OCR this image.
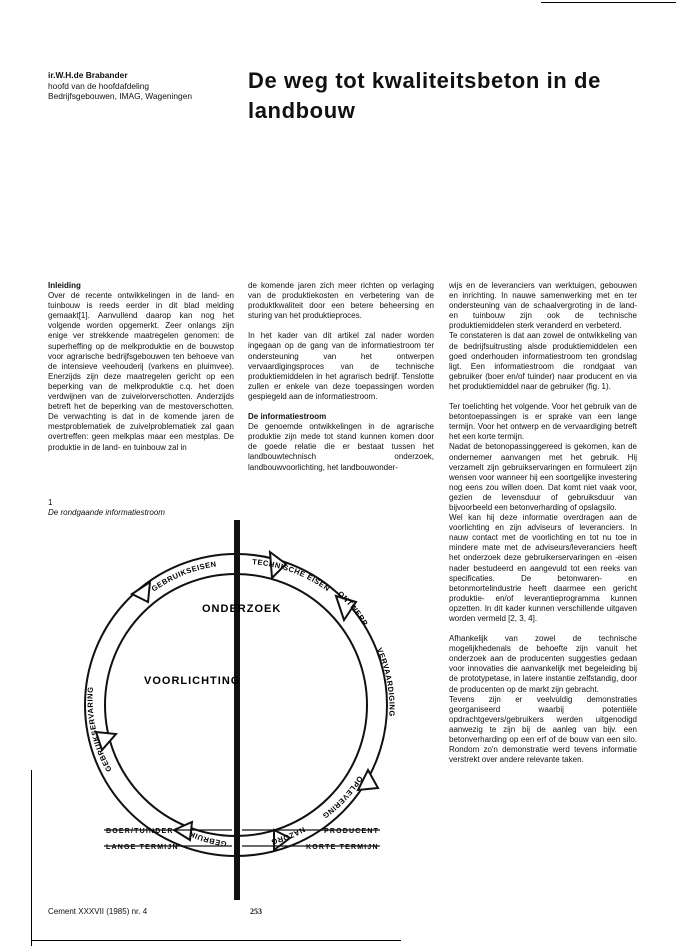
ir.W.H.de Brabander
hoofd van de hoofdafdeling
Bedrijfsgebouwen, IMAG, Wageningen
De weg tot kwaliteitsbeton in de landbouw

Inleiding

Over de recente ontwikkelingen in de land- en tuinbouw is reeds eerder in dit blad melding gemaakt[1]. Aanvullend daarop kan nog het volgende worden opgemerkt. Zeer onlangs zijn enige ver strekkende maatregelen genomen: de superheffing op de melkproduktie en de bouwstop voor agrarische bedrijfsgebouwen ten behoeve van de intensieve veehouderij (varkens en pluimvee). Enerzijds zijn deze maatregelen gericht op een beperking van de melkproduktie c.q. het doen verdwijnen van de zuivelorverschotten. Anderzijds betreft het de beperking van de mestoverschotten. De verwachting is dat in de komende jaren de mestproblematiek de zuivelproblematiek zal gaan overtreffen: geen melkplas maar een mestplas. De produktie in de land- en tuinbouw zal in

1
De rondgaande informatiestroom

de komende jaren zich meer richten op verlaging van de produktiekosten en verbetering van de produktkwaliteit door een betere beheersing en sturing van het produktieproces.

In het kader van dit artikel zal nader worden ingegaan op de gang van de informatiestroom ter ondersteuning van het ontwerpen vervaardigingsproces van de technische produktiemiddelen in het agrarisch bedrijf. Tenslotte zullen er enkele van deze toepassingen worden gespiegeld aan de informatiestroom.

De informatiestroom

De genoemde ontwikkelingen in de agrarische produktie zijn mede tot stand kunnen komen door de goede relatie die er bestaat tussen het landbouwtechnisch onderzoek, landbouwvoorlichting, het landbouwonder-

wijs en de leveranciers van werktuigen, gebouwen en inrichting. In nauwe samenwerking met en ter ondersteuning van de schaalvergroting in de land- en tuinbouw zijn ook de technische produktiemiddelen sterk veranderd en verbeterd.

Te constateren is dat aan zowel de ontwikkeling van de bedrijfsuitrusting alsde produktiemiddelen een goed onderhouden informatiestroom ten grondslag ligt. Een informatiestroom die rondgaat van gebruiker (boer en/of tuinder) naar producent en via het produktiemiddel naar de gebruiker (fig. 1).

Ter toelichting het volgende. Voor het gebruik van de betontoepassingen is er sprake van een lange termijn. Voor het ontwerp en de vervaardiging betreft het een korte termijn.

Nadat de betonopassinggereed is gekomen, kan de ondernemer aanvangen met het gebruik. Hij verzamelt zijn gebruikservaringen en formuleert zijn wensen voor wanneer hij een soortgelijke investering nog eens zou willen doen. Dat komt niet vaak voor, gezien de levensduur of gebruiksduur van bijvoorbeeld een betonverharding of opslagsilo.

Wel kan hij deze informatie overdragen aan de voorlichting en zijn adviseurs of leveranciers. In nauw contact met de voorlichting en tot nu toe in mindere mate met de adviseurs/leveranciers heeft het onderzoek deze gebruikerservaringen en -eisen nader bestudeerd en aangevuld tot een reeks van specificaties. De betonwaren- en betonmortelindustrie heeft daarmee een gericht produktie- en/of leverantieprogramma kunnen opzetten. In dit kader kunnen verschillende uitgaven worden vermeld [2, 3, 4].

Afhankelijk van zowel de technische mogelijkhedenals de behoefte zijn vanuit het onderzoek aan de producenten suggesties gedaan voor innovaties die aanvankelijk met begeleiding bij de prototypetase, in latere instantie zelfstandig, door de producenten op de markt zijn gebracht.

Tevens zijn er veelvuldig demonstraties georganiseerd waarbij potentiële opdrachtgevers/gebruikers werden uitgenodigd aanwezig te zijn bij de aanleg van bijv. een betonverharding op een erf of de bouw van een silo. Rondom zo'n demonstratie werd tevens informatie verstrekt over andere relevante taken.

GEBRUIKSEISEN	TECHNISCHE EISEN
ONTWERP
VERVAARDIGING
OPLEVERING
NAZORG
GEBRUIK
GEBRUIKSERVARING
ONDERZOEK
VOORLICHTING
BOER/TUINDER
LANGE TERMIJN
PRODUCENT
KORTE TERMIJN
Cement XXXVII (1985) nr. 4	253
